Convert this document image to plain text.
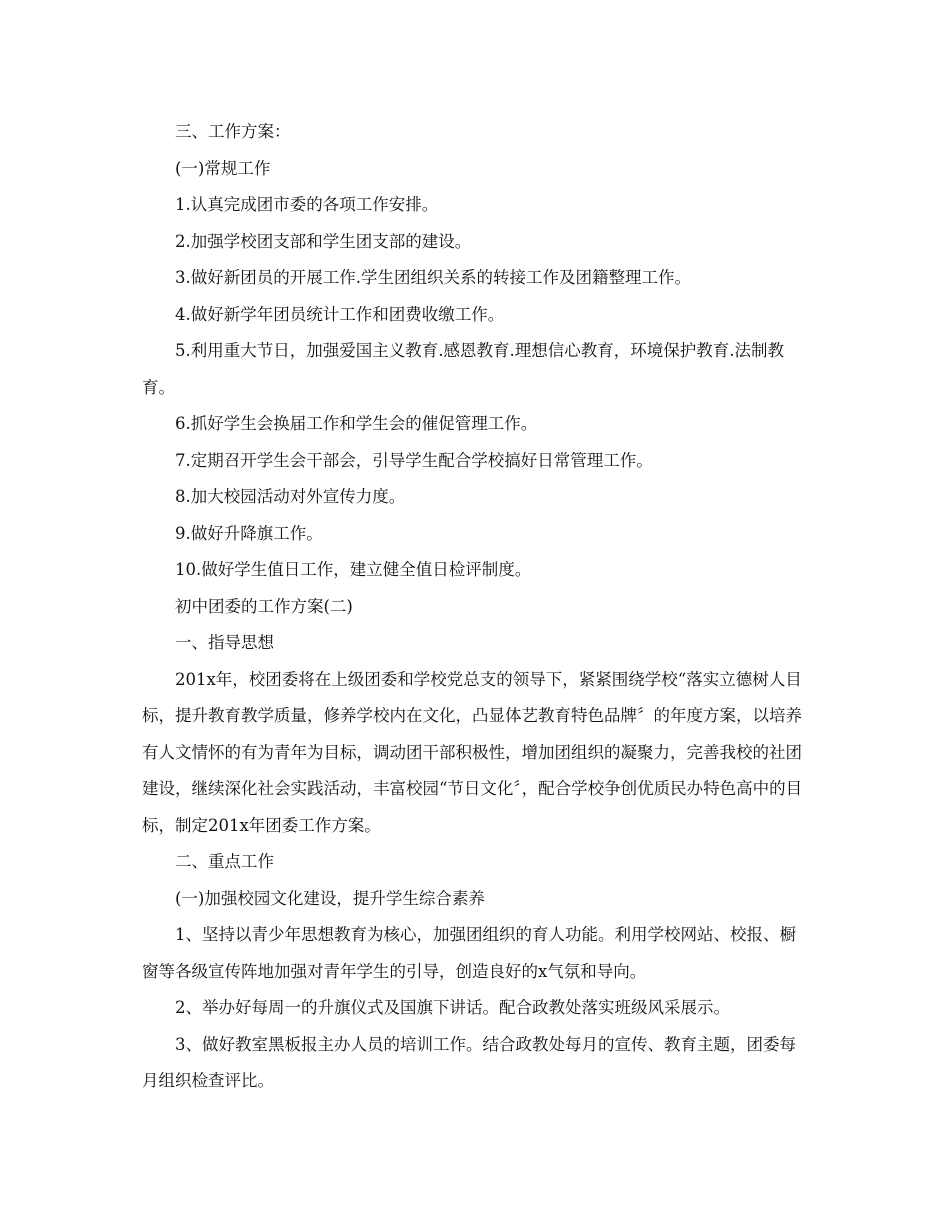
三、工作方案：

(一)常规工作

1.认真完成团市委的各项工作安排。

2.加强学校团支部和学生团支部的建设。

3.做好新团员的开展工作.学生团组织关系的转接工作及团籍整理工作。

4.做好新学年团员统计工作和团费收缴工作。

5.利用重大节日，加强爱国主义教育.感恩教育.理想信心教育，环境保护教育.法制教育。

6.抓好学生会换届工作和学生会的催促管理工作。

7.定期召开学生会干部会，引导学生配合学校搞好日常管理工作。

8.加大校园活动对外宣传力度。

9.做好升降旗工作。

10.做好学生值日工作，建立健全值日检评制度。

初中团委的工作方案(二)

一、指导思想

201x年，校团委将在上级团委和学校党总支的领导下，紧紧围绕学校“落实立德树人目标，提升教育教学质量，修养学校内在文化，凸显体艺教育特色品牌〞的年度方案，以培养有人文情怀的有为青年为目标，调动团干部积极性，增加团组织的凝聚力，完善我校的社团建设，继续深化社会实践活动，丰富校园“节日文化〞，配合学校争创优质民办特色高中的目标，制定201x年团委工作方案。

二、重点工作

(一)加强校园文化建设，提升学生综合素养

1、坚持以青少年思想教育为核心，加强团组织的育人功能。利用学校网站、校报、橱窗等各级宣传阵地加强对青年学生的引导，创造良好的x气氛和导向。

2、举办好每周一的升旗仪式及国旗下讲话。配合政教处落实班级风采展示。

3、做好教室黑板报主办人员的培训工作。结合政教处每月的宣传、教育主题，团委每月组织检查评比。
